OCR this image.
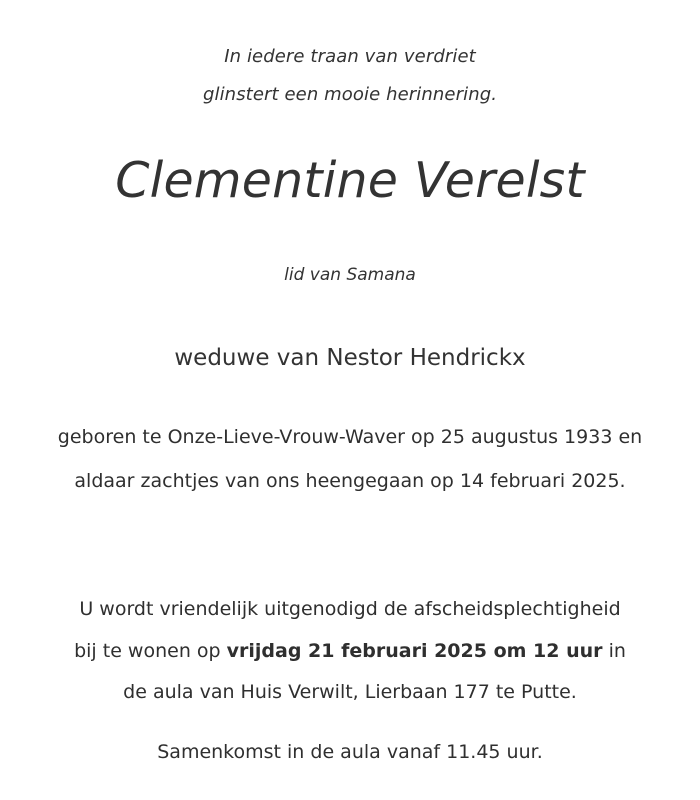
In iedere traan van verdriet
glinstert een mooie herinnering.
Clementine Verelst
lid van Samana
weduwe van Nestor Hendrickx
geboren te Onze-Lieve-Vrouw-Waver op 25 augustus 1933 en
aldaar zachtjes van ons heengegaan op 14 februari 2025.
U wordt vriendelijk uitgenodigd de afscheidsplechtigheid
bij te wonen op vrijdag 21 februari 2025 om 12 uur in
de aula van Huis Verwilt, Lierbaan 177 te Putte.
Samenkomst in de aula vanaf 11.45 uur.
